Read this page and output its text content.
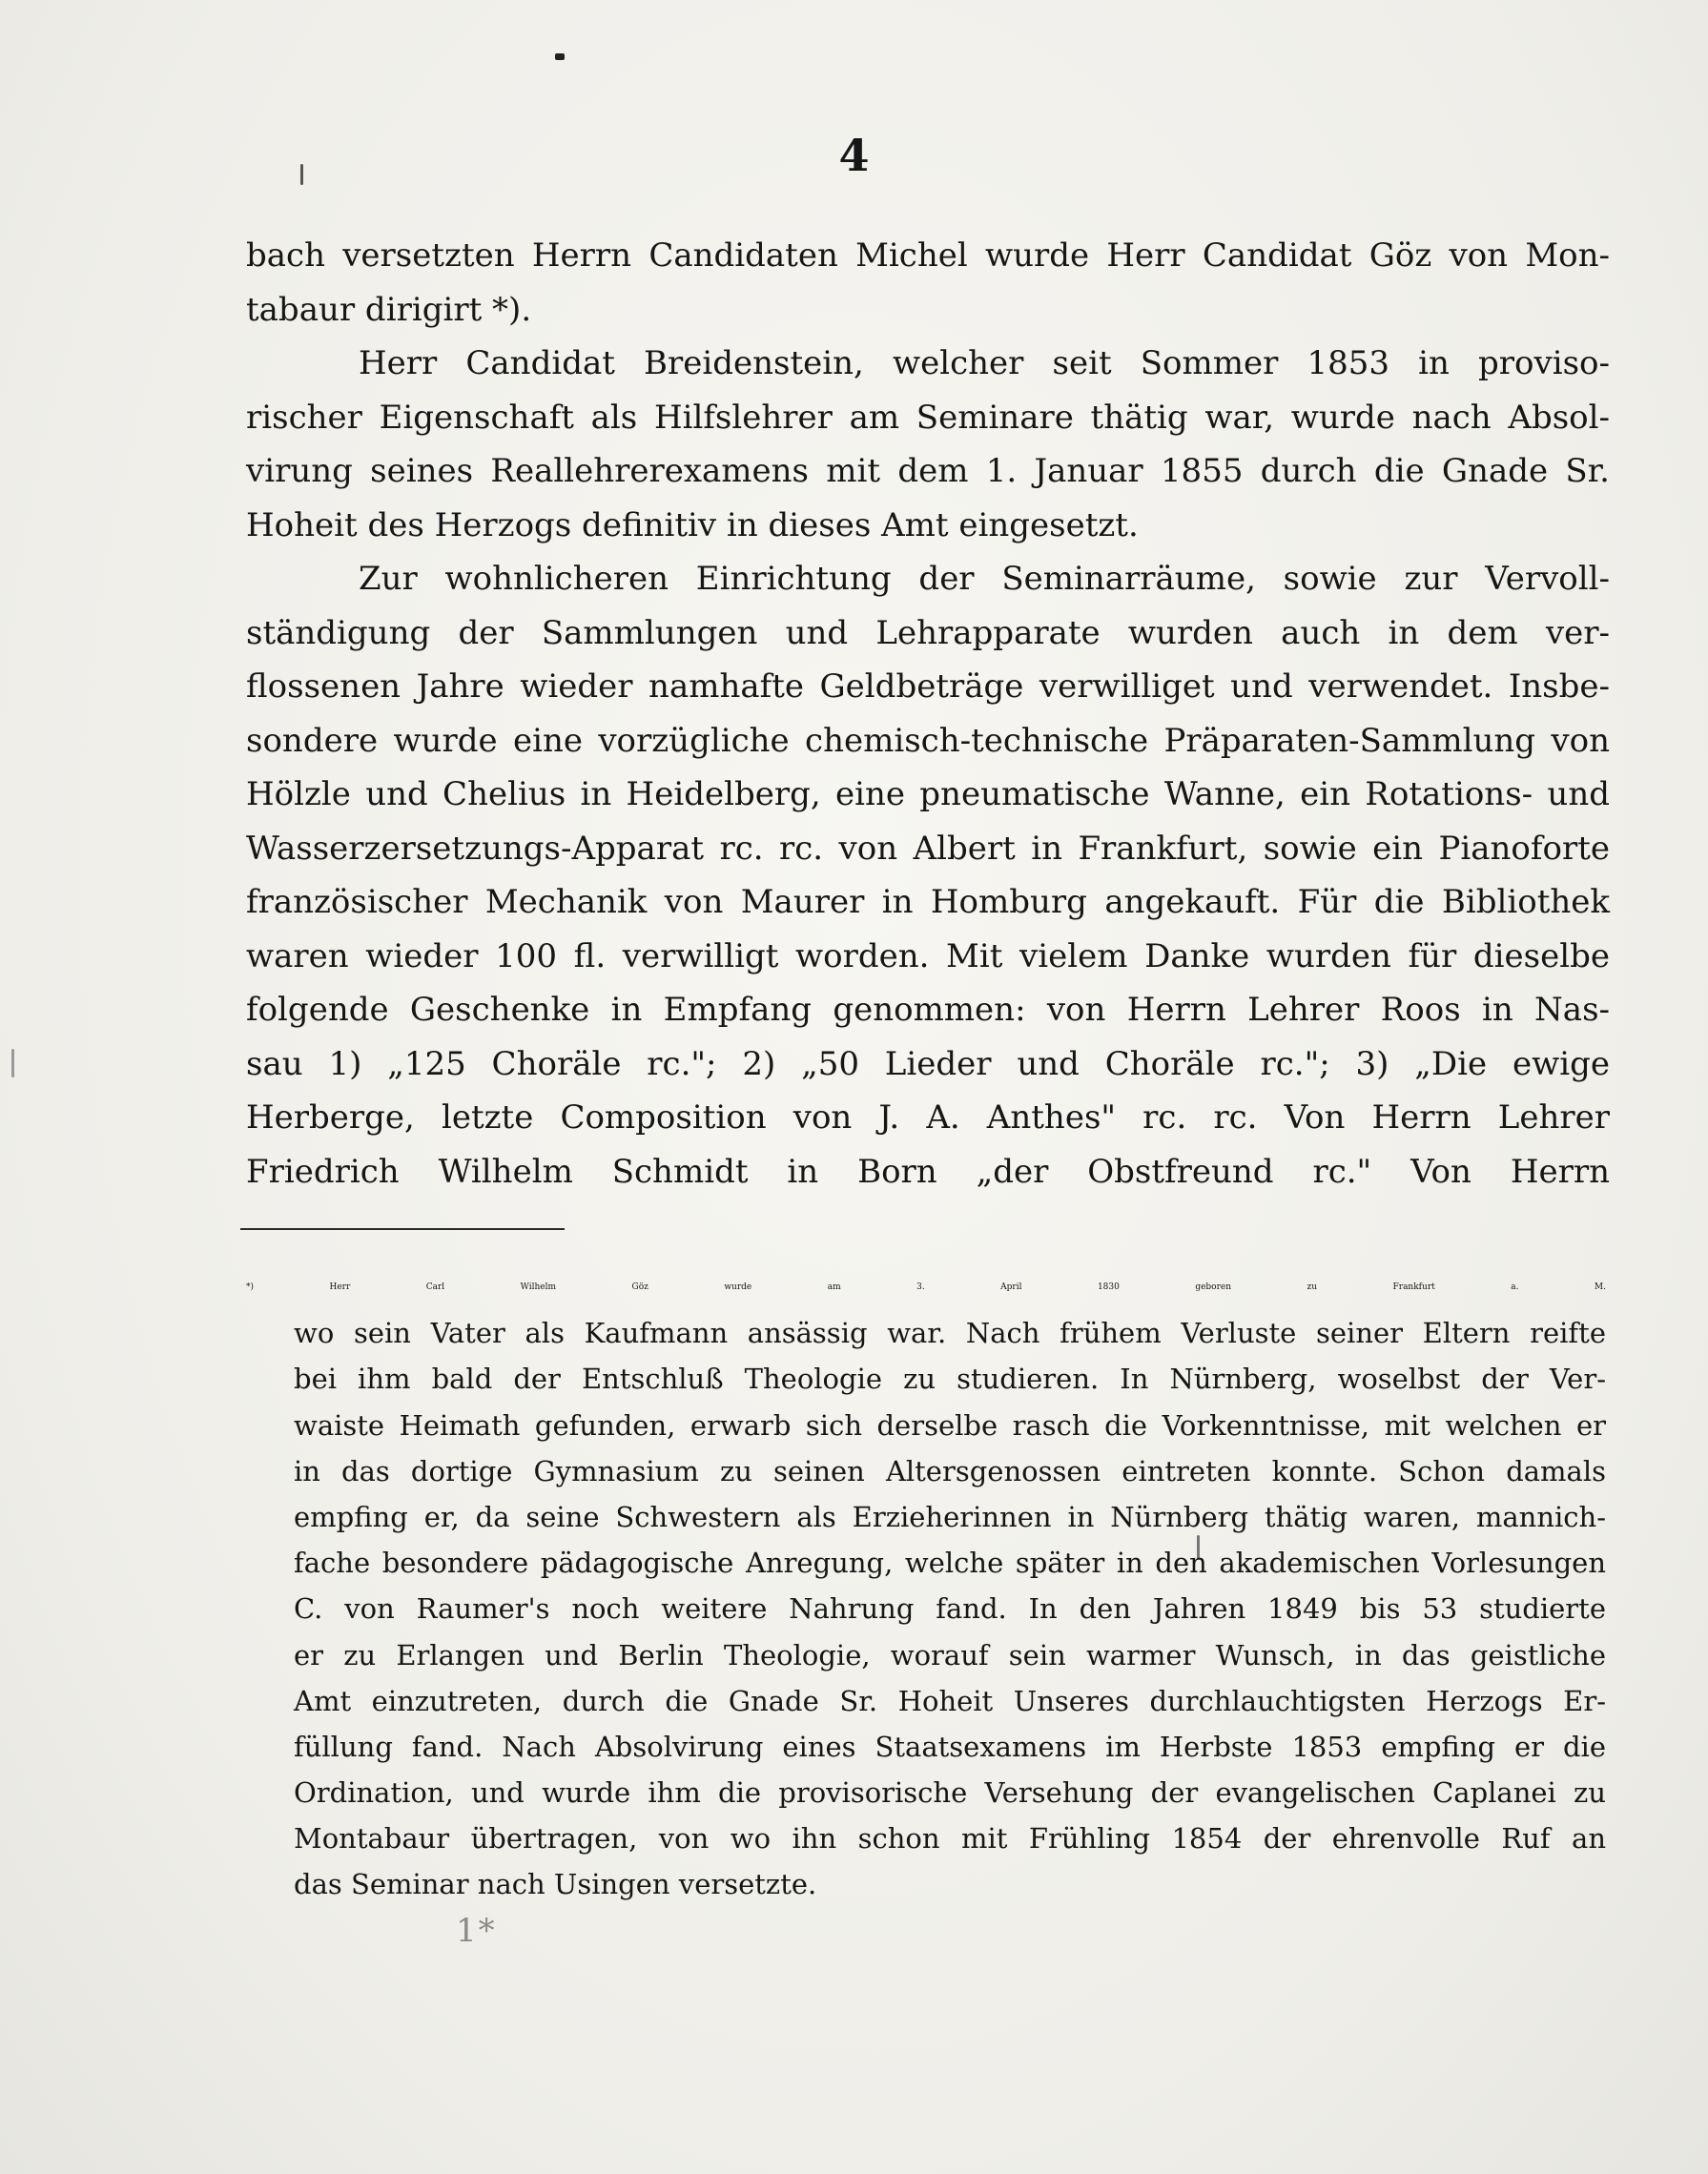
4
bach versetzten Herrn Candidaten Michel wurde Herr Candidat Göz von Mon-
tabaur dirigirt *).
Herr Candidat Breidenstein, welcher seit Sommer 1853 in proviso-
rischer Eigenschaft als Hilfslehrer am Seminare thätig war, wurde nach Absol-
virung seines Reallehrerexamens mit dem 1. Januar 1855 durch die Gnade Sr.
Hoheit des Herzogs definitiv in dieses Amt eingesetzt.
Zur wohnlicheren Einrichtung der Seminarräume, sowie zur Vervoll-
ständigung der Sammlungen und Lehrapparate wurden auch in dem ver-
flossenen Jahre wieder namhafte Geldbeträge verwilliget und verwendet. Insbe-
sondere wurde eine vorzügliche chemisch-technische Präparaten-Sammlung von
Hölzle und Chelius in Heidelberg, eine pneumatische Wanne, ein Rotations- und
Wasserzersetzungs-Apparat rc. rc. von Albert in Frankfurt, sowie ein Pianoforte
französischer Mechanik von Maurer in Homburg angekauft. Für die Bibliothek
waren wieder 100 fl. verwilligt worden. Mit vielem Danke wurden für dieselbe
folgende Geschenke in Empfang genommen: von Herrn Lehrer Roos in Nas-
sau 1) „125 Choräle rc."; 2) „50 Lieder und Choräle rc."; 3) „Die ewige
Herberge, letzte Composition von J. A. Anthes" rc. rc. Von Herrn Lehrer
Friedrich Wilhelm Schmidt in Born „der Obstfreund rc." Von Herrn
*) Herr Carl Wilhelm Göz wurde am 3. April 1830 geboren zu Frankfurt a. M.
wo sein Vater als Kaufmann ansässig war. Nach frühem Verluste seiner Eltern reifte
bei ihm bald der Entschluß Theologie zu studieren. In Nürnberg, woselbst der Ver-
waiste Heimath gefunden, erwarb sich derselbe rasch die Vorkenntnisse, mit welchen er
in das dortige Gymnasium zu seinen Altersgenossen eintreten konnte. Schon damals
empfing er, da seine Schwestern als Erzieherinnen in Nürnberg thätig waren, mannich-
fache besondere pädagogische Anregung, welche später in den akademischen Vorlesungen
C. von Raumer's noch weitere Nahrung fand. In den Jahren 1849 bis 53 studierte
er zu Erlangen und Berlin Theologie, worauf sein warmer Wunsch, in das geistliche
Amt einzutreten, durch die Gnade Sr. Hoheit Unseres durchlauchtigsten Herzogs Er-
füllung fand. Nach Absolvirung eines Staatsexamens im Herbste 1853 empfing er die
Ordination, und wurde ihm die provisorische Versehung der evangelischen Caplanei zu
Montabaur übertragen, von wo ihn schon mit Frühling 1854 der ehrenvolle Ruf an
das Seminar nach Usingen versetzte.
1*
